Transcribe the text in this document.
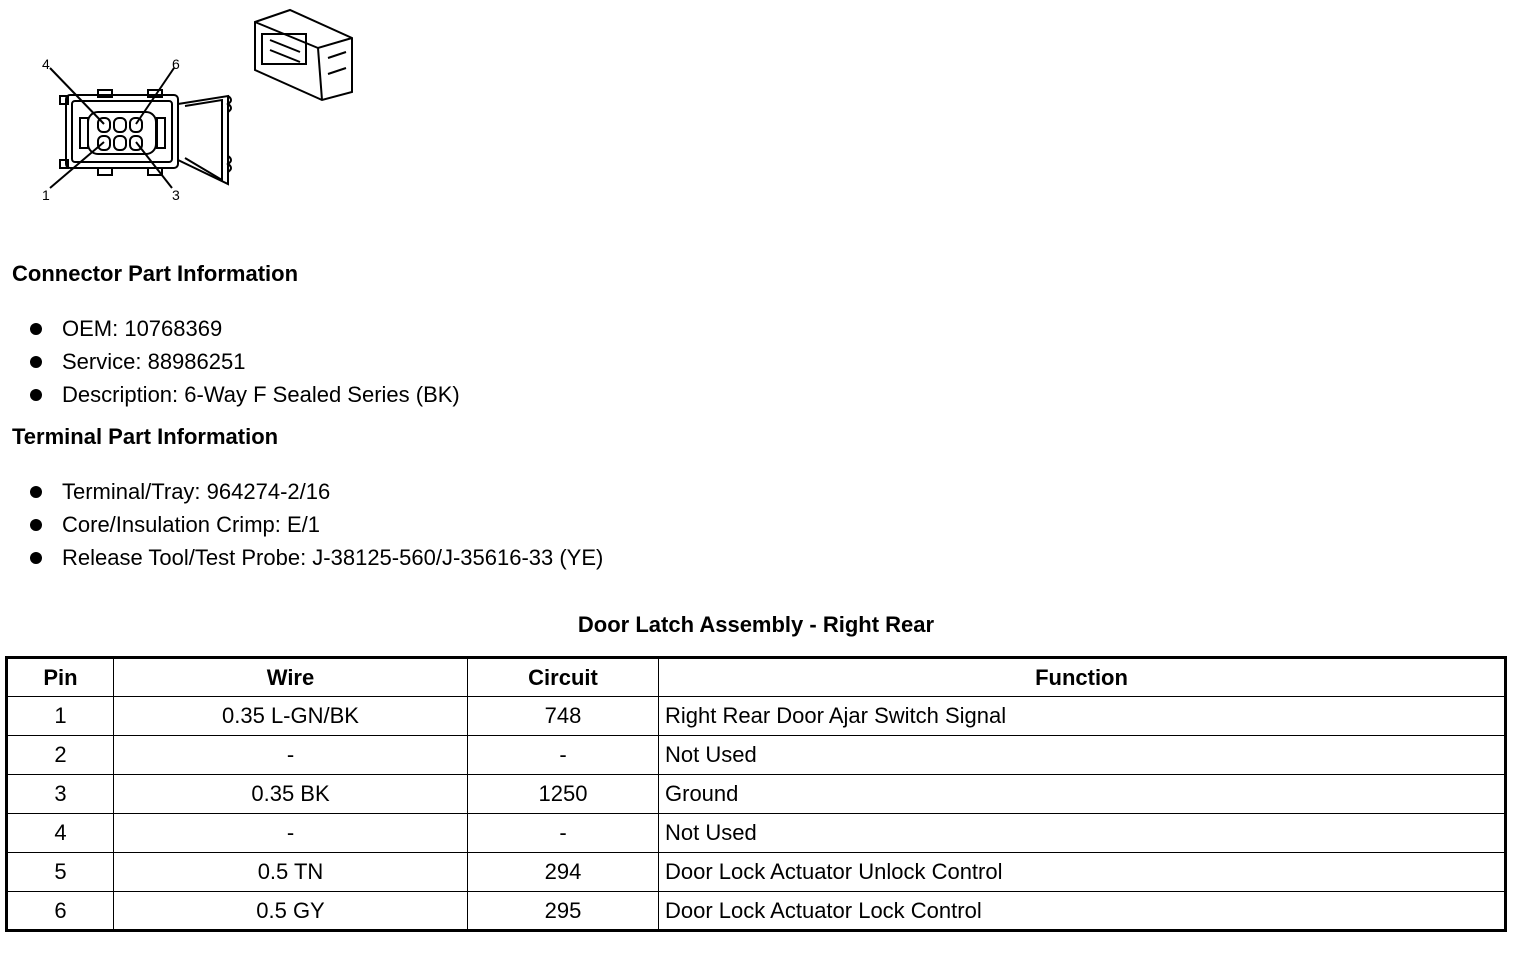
4	6
1	3
Connector Part Information
OEM: 10768369
Service: 88986251
Description: 6-Way F Sealed Series (BK)
Terminal Part Information
Terminal/Tray: 964274-2/16
Core/Insulation Crimp: E/1
Release Tool/Test Probe: J-38125-560/J-35616-33 (YE)
Door Latch Assembly - Right Rear
Pin	Wire	Circuit	Function
1	0.35 L-GN/BK	748	Right Rear Door Ajar Switch Signal
2	-	-	Not Used
3	0.35 BK	1250	Ground
4	-	-	Not Used
5	0.5 TN	294	Door Lock Actuator Unlock Control
6	0.5 GY	295	Door Lock Actuator Lock Control
